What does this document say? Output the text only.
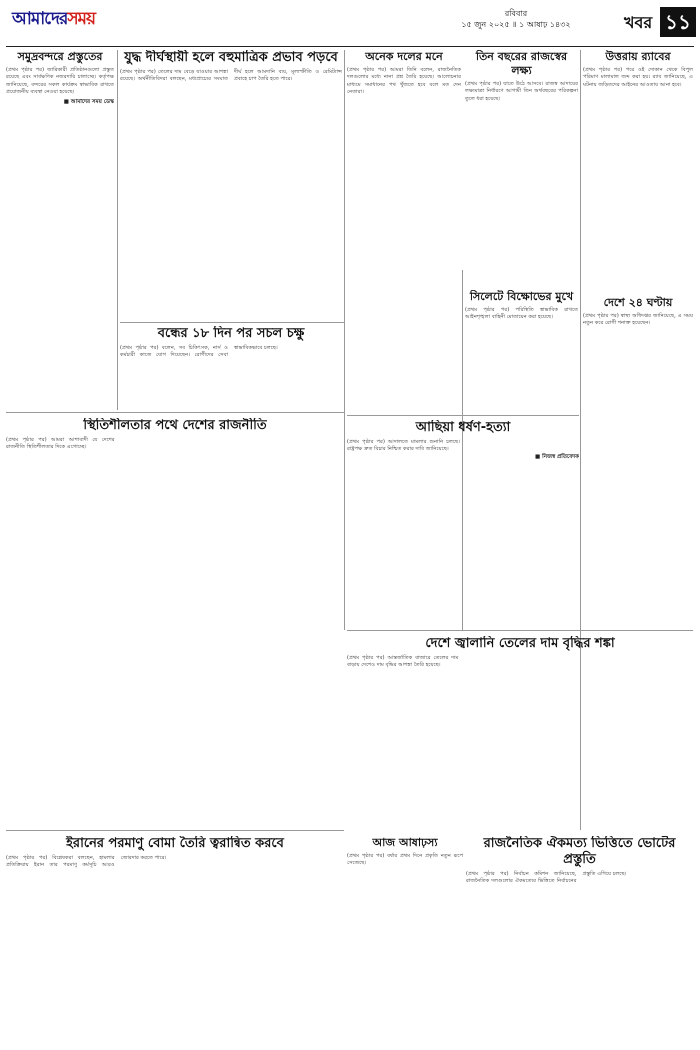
আমাদেরসময়	রবিবার
১৫ জুন ২০২৫ ॥ ১ আষাঢ় ১৪৩২	খবর ১১
সমুদ্রবন্দরে প্রস্তুতের

(প্রথম পৃষ্ঠার পর) জারিকারী প্রতিষ্ঠানগুলো প্রস্তুত রয়েছে এবং সার্বক্ষণিক নজরদারি চালাচ্ছে। কর্তৃপক্ষ জানিয়েছে, বন্দরের সকল কার্যক্রম স্বাভাবিক রাখতে প্রয়োজনীয় ব্যবস্থা নেওয়া হয়েছে।

■ আমাদের সময় ডেস্ক
যুদ্ধ দীর্ঘস্থায়ী হলে বহুমাত্রিক প্রভাব পড়বে

(প্রথম পৃষ্ঠার পর) তেলের দাম বেড়ে যাওয়ার আশঙ্কা রয়েছে। অর্থনীতিবিদরা বলছেন, মধ্যপ্রাচ্যের সংঘাত দীর্ঘ হলে আমদানি ব্যয়, মূল্যস্ফীতি ও রেমিট্যান্স প্রবাহে চাপ তৈরি হতে পারে।

বন্ধের ১৮ দিন পর সচল চক্ষু

(প্রথম পৃষ্ঠার পর) বলেন, সব চিকিৎসক, নার্স ও কর্মচারী কাজে যোগ দিয়েছেন। রোগীদের সেবা স্বাভাবিকভাবে চলছে।

অনেক দলের মনে

(প্রথম পৃষ্ঠার পর) আমরা তিনি বলেন, রাজনৈতিক দলগুলোর মধ্যে নানা প্রশ্ন তৈরি হয়েছে। আলোচনার মাধ্যমে সমাধানের পথ খুঁজতে হবে বলে মত দেন নেতারা।

তিন বছরের রাজস্বের লক্ষ্য

(প্রথম পৃষ্ঠার পর) যাতে উঠে আসবে। রাজস্ব আদায়ের লক্ষ্যমাত্রা নির্ধারণে আগামী তিন অর্থবছরের পরিকল্পনা তুলে ধরা হয়েছে।

সিলেটে বিক্ষোভের মুখে

(প্রথম পৃষ্ঠার পর) পরিস্থিতি স্বাভাবিক রাখতে আইনশৃঙ্খলা বাহিনী মোতায়েন করা হয়েছে।

উত্তরায় র‌্যাবের

(প্রথম পৃষ্ঠার পর) পরে ওই দোকান থেকে বিপুল পরিমাণ মালামাল জব্দ করা হয়। র‌্যাব জানিয়েছে, এ ঘটনায় জড়িতদের আইনের আওতায় আনা হবে।

দেশে ২৪ ঘণ্টায়

(প্রথম পৃষ্ঠার পর) স্বাস্থ্য অধিদপ্তর জানিয়েছে, এ সময় নতুন করে রোগী শনাক্ত হয়েছেন।

স্থিতিশীলতার পথে দেশের রাজনীতি

(প্রথম পৃষ্ঠার পর) আমরা আশাবাদী যে দেশের রাজনীতি স্থিতিশীলতার দিকে এগোচ্ছে।

আছিয়া ধর্ষণ-হত্যা

(প্রথম পৃষ্ঠার পর) আদালতে মামলার শুনানি চলছে। রাষ্ট্রপক্ষ দ্রুত বিচার নিশ্চিত করার দাবি জানিয়েছে।

■ নিজস্ব প্রতিবেদক
দেশে জ্বালানি তেলের দাম বৃদ্ধির শঙ্কা

(প্রথম পৃষ্ঠার পর) আন্তর্জাতিক বাজারে তেলের দাম বাড়ায় দেশেও দাম বৃদ্ধির আশঙ্কা তৈরি হয়েছে।

ইরানের পরমাণু বোমা তৈরি ত্বরান্বিত করবে

(প্রথম পৃষ্ঠার পর) বিশ্লেষকরা বলছেন, হামলার প্রতিক্রিয়ায় ইরান তার পরমাণু কর্মসূচি আরও জোরদার করতে পারে।

আজ আষাঢ়স্য

(প্রথম পৃষ্ঠার পর) বর্ষার প্রথম দিনে প্রকৃতি নতুন রূপে সেজেছে।

রাজনৈতিক ঐকমত্য ভিত্তিতে ভোটের প্রস্তুতি

(প্রথম পৃষ্ঠার পর) নির্বাচন কমিশন জানিয়েছে, রাজনৈতিক দলগুলোর ঐকমত্যের ভিত্তিতে নির্বাচনের প্রস্তুতি এগিয়ে চলছে।
